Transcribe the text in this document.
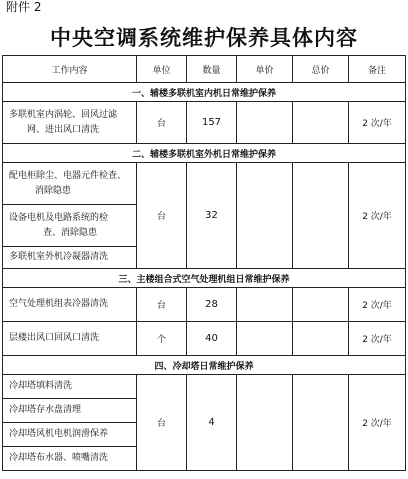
附件 2
中央空调系统维护保养具体内容
工作内容	单位	数量	单价	总价	备注
一、辅楼多联机室内机日常维护保养					

多联机室内涡轮、回风过滤
网、进出风口清洗	台	157			2 次/年
二、辅楼多联机室外机日常维护保养					

配电柜除尘、电器元件检查、
消除隐患	台	32			2 次/年

设备电机及电路系统的检
查、消除隐患					

多联机室外机冷凝器清洗					

三、主楼组合式空气处理机组日常维护保养					

空气处理机组表冷器清洗	台	28			2 次/年

层楼出风口回风口清洗	个	40			2 次/年
四、冷却塔日常维护保养					

冷却塔填料清洗	台	4			2 次/年

冷却塔存水盘清理					

冷却塔风机电机润滑保养					

冷却塔布水器、喷嘴清洗					
